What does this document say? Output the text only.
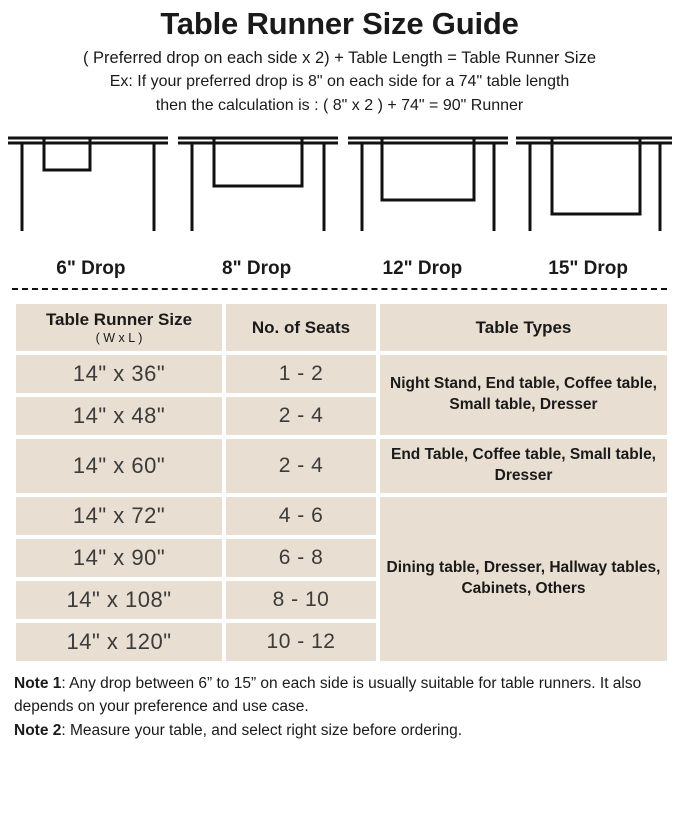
Table Runner Size Guide
( Preferred drop on each side x 2) + Table Length = Table Runner Size
Ex: If your preferred drop is 8" on each side for a 74" table length
then the calculation is : ( 8" x 2 ) + 74" = 90" Runner
6" Drop	8" Drop	12" Drop	15" Drop
Table Runner Size
( W x L )	No. of Seats	Table Types

14" x 36"	1 - 2	Night Stand, End table, Coffee table, Small table, Dresser
14" x 48"	2 - 4	
14" x 60"	2 - 4	End Table, Coffee table, Small table, Dresser
14" x 72"	4 - 6	Dining table, Dresser, Hallway tables, Cabinets, Others
14" x 90"	6 - 8	
14" x 108"	8 - 10	
14" x 120"	10 - 12	

Note 1: Any drop between 6” to 15” on each side is usually suitable for table runners. It also depends on your preference and use case.

Note 2: Measure your table, and select right size before ordering.
